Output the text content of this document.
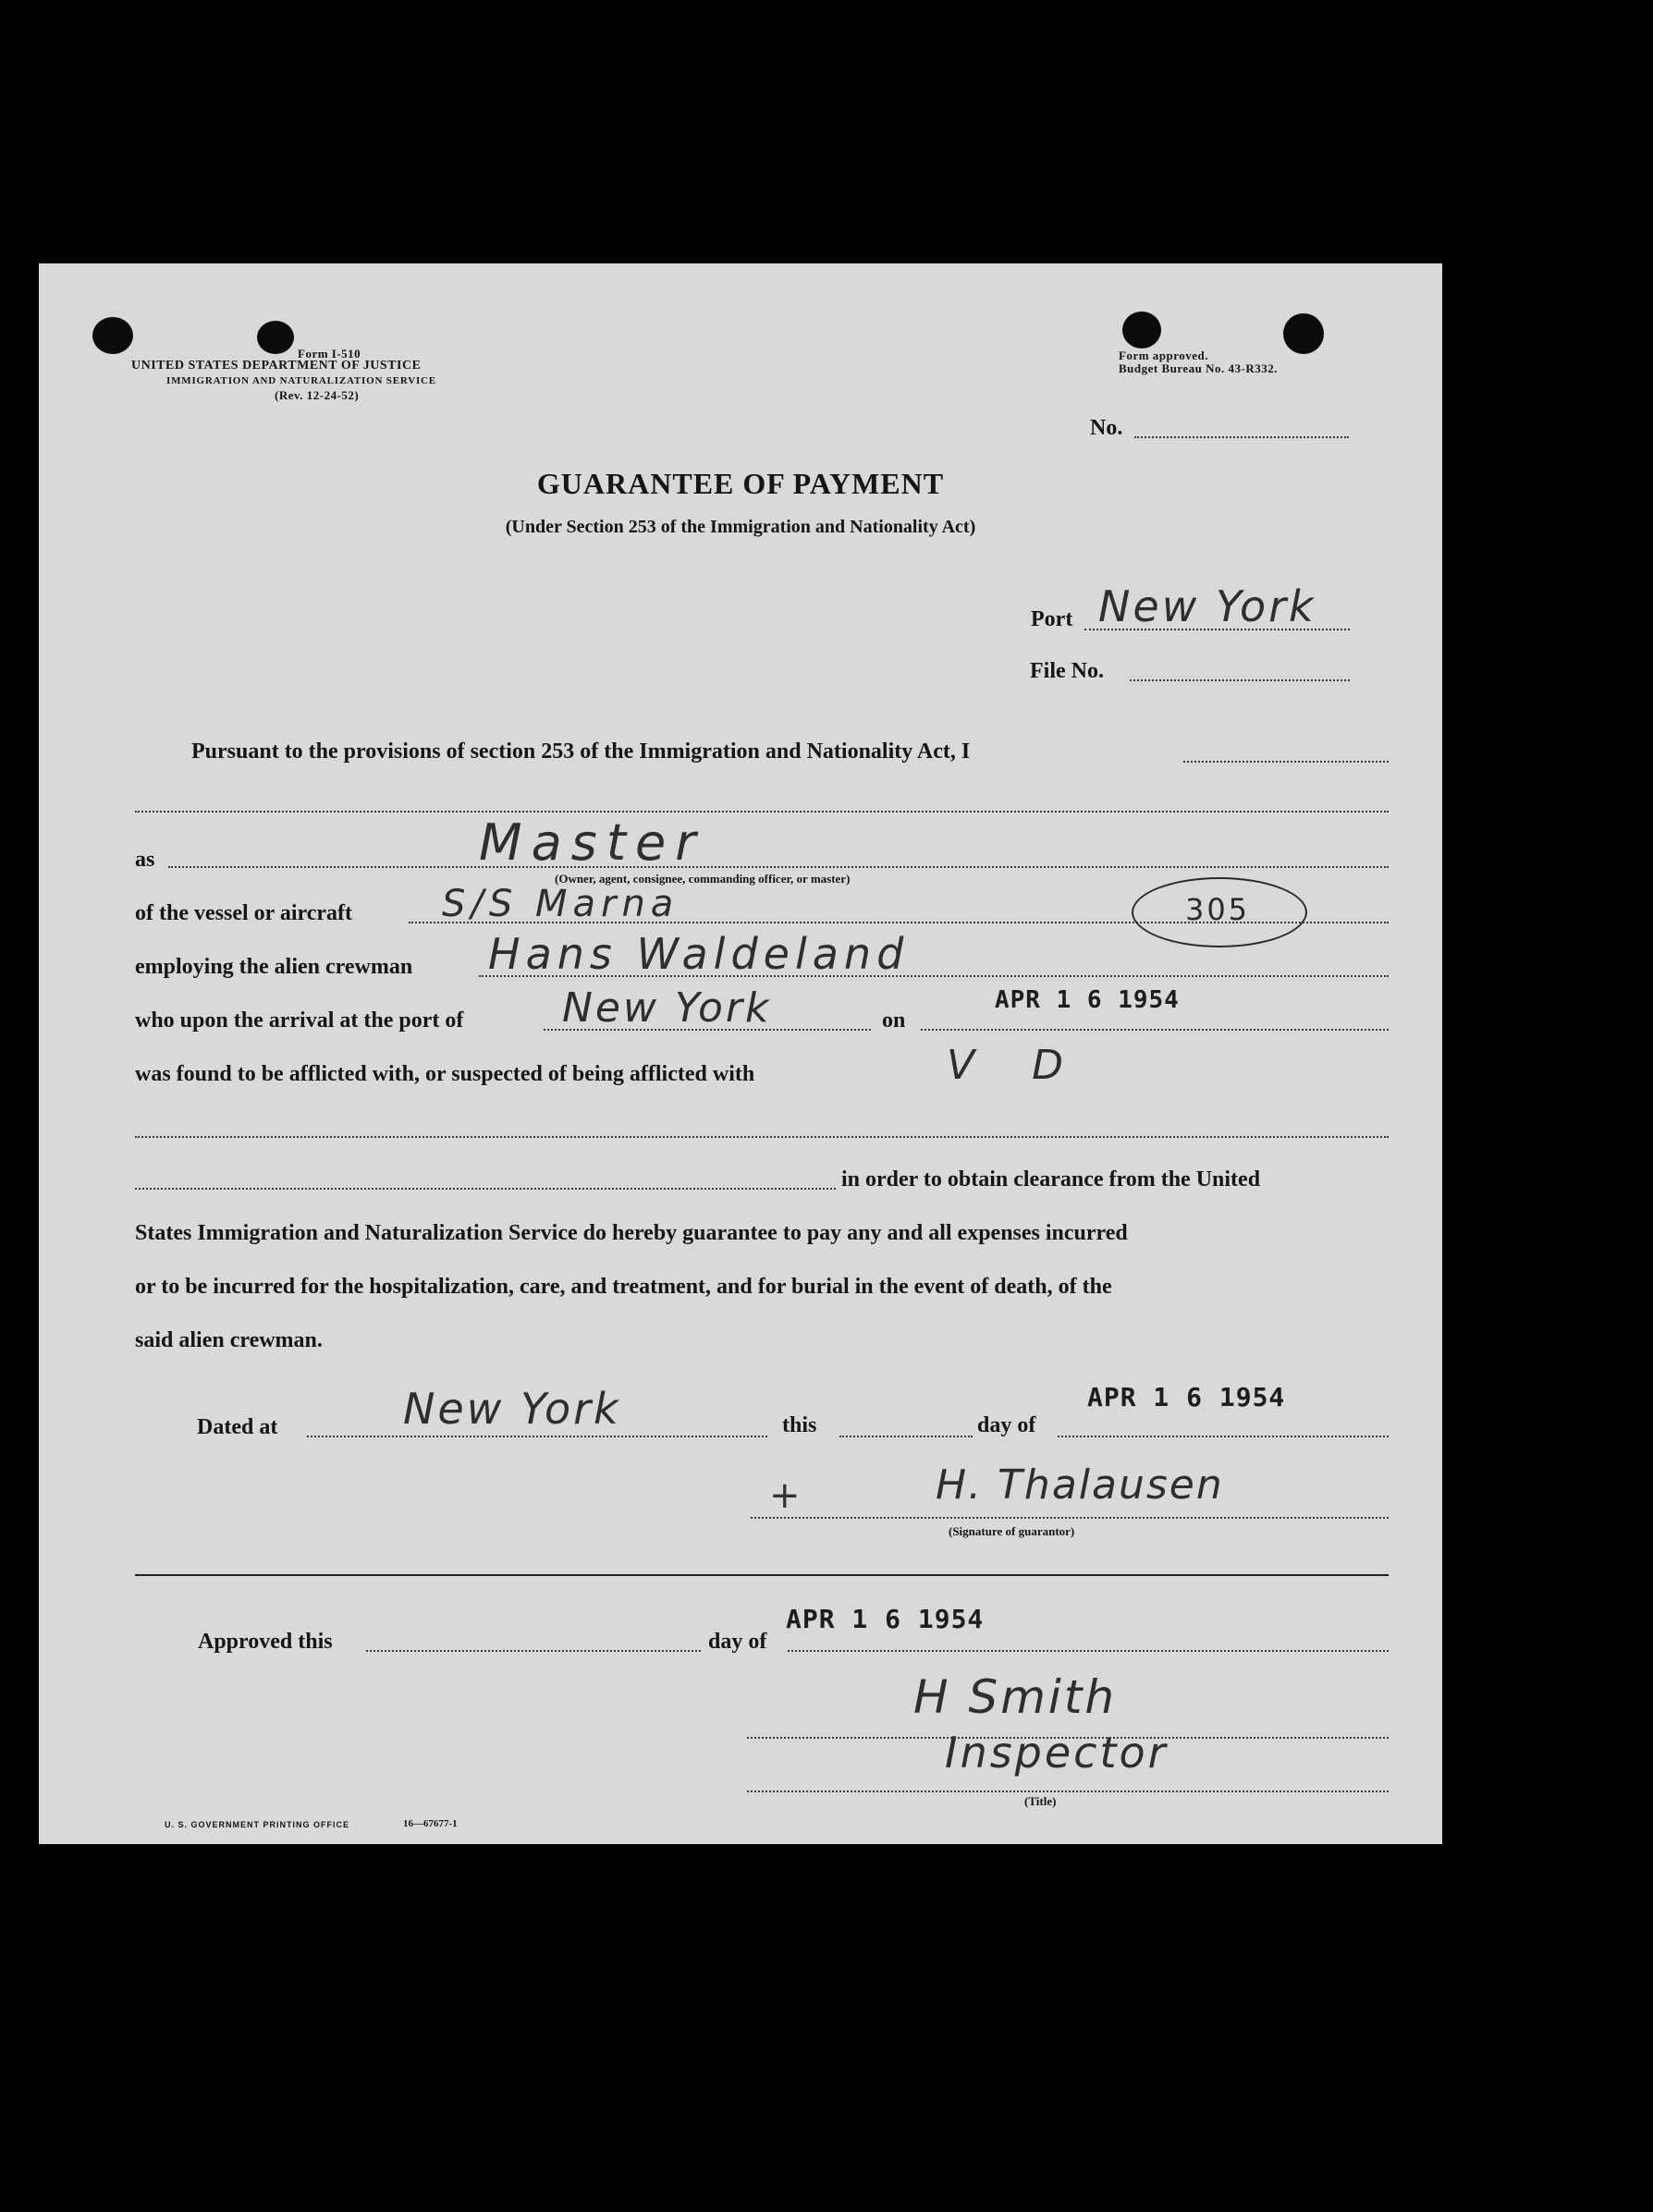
Form I-510
UNITED STATES DEPARTMENT OF JUSTICE
IMMIGRATION AND NATURALIZATION SERVICE
(Rev. 12-24-52)
Form approved.
Budget Bureau No. 43-R332.
No.
GUARANTEE OF PAYMENT
(Under Section 253 of the Immigration and Nationality Act)
Port New York
File No.
Pursuant to the provisions of section 253 of the Immigration and Nationality Act, I
as	Master
(Owner, agent, consignee, commanding officer, or master)
of the vessel or aircraft S/S Marna	305
employing the alien crewman Hans Waldeland
who upon the arrival at the port of New York	on
APR 1 6 1954
was found to be afflicted with, or suspected of being afflicted with	V D
in order to obtain clearance from the United
States Immigration and Naturalization Service do hereby guarantee to pay any and all expenses incurred
or to be incurred for the hospitalization, care, and treatment, and for burial in the event of death, of the
said alien crewman.
Dated at	New York	this	day of
APR 1 6 1954
+	H. Thalausen
(Signature of guarantor)
Approved this	day of
APR 1 6 1954
H Smith
Inspector
(Title)
U. S. GOVERNMENT PRINTING OFFICE	16—67677-1
